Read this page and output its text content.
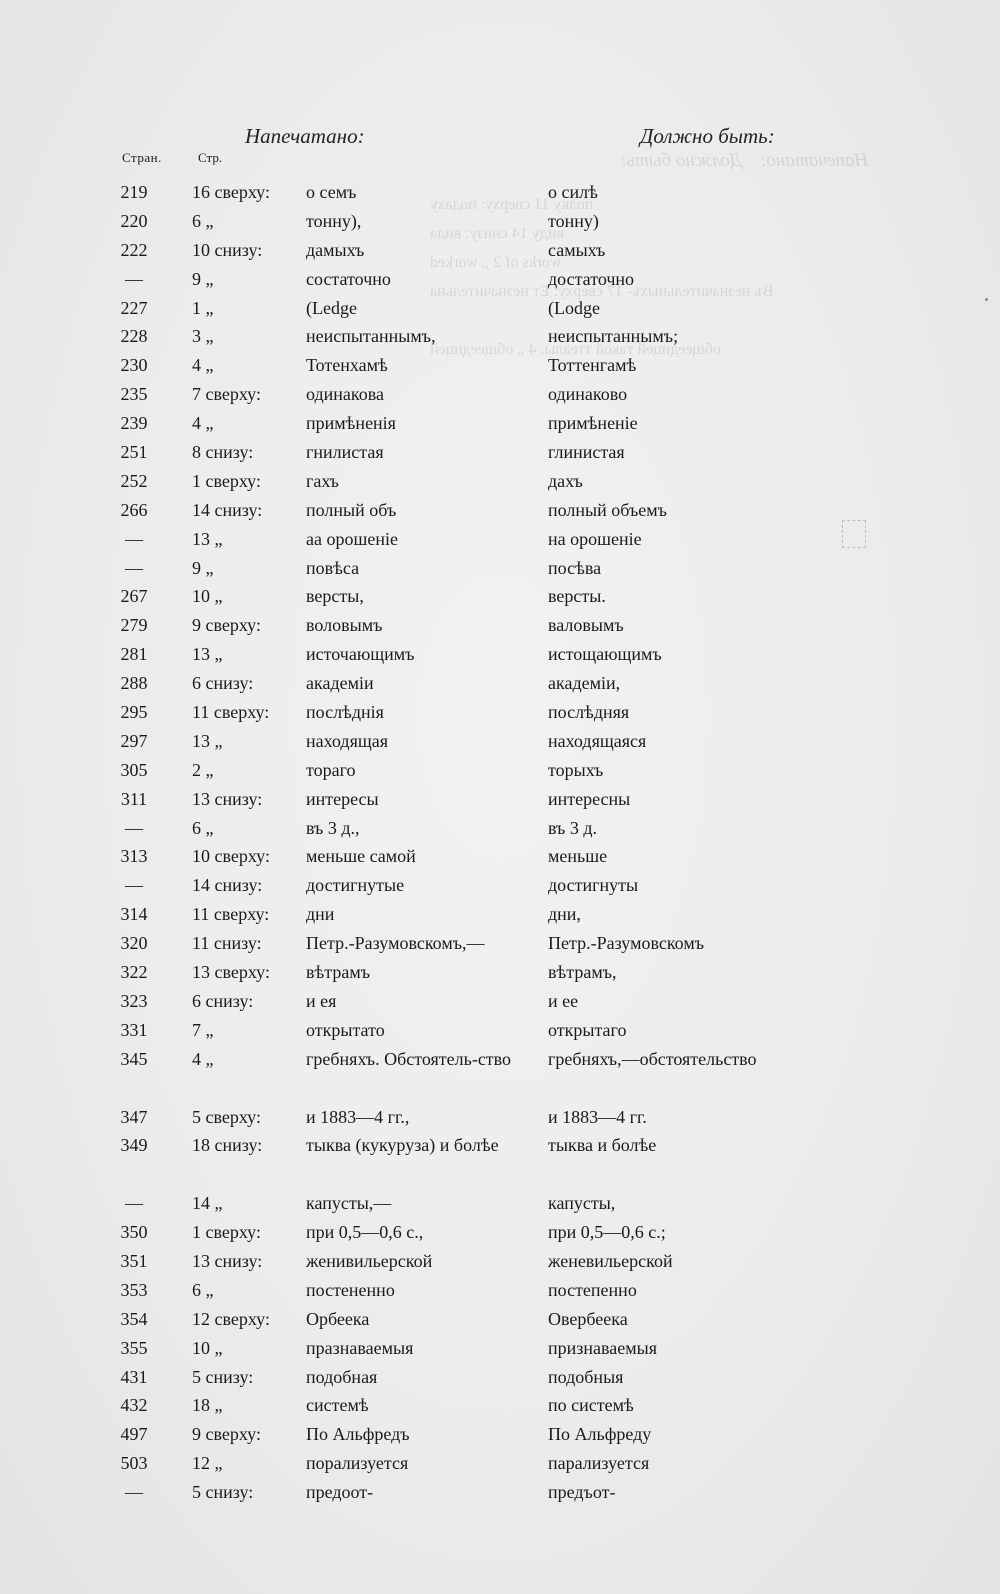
Должно быть: Напечатано:
полку 11 сверху: подаху
виду 14 снизу: вида
works of 2 „ worked
Въ незначительныхъ- 17 сверху: Ет незначительна
общеедицей такой ттеалы. 4 „ общеедицей
Напечатано:	Должно быть:
Стран.	Стр.
219	16 сверху:	о семъ	о силѣ
220	6 „	тонну),	тонну)
222	10 снизу:	дамыхъ	самыхъ
—	9 „	состаточно	достаточно
227	1 „	(Ledge	(Lodge
228	3 „	неиспытаннымъ,	неиспытаннымъ;
230	4 „	Тотенхамѣ	Тоттенгамѣ
235	7 сверху:	одинакова	одинаково
239	4 „	примѣненія	примѣненіе
251	8 снизу:	гнилистая	глинистая
252	1 сверху:	гахъ	дахъ
266	14 снизу:	полный объ	полный объемъ
—	13 „	аа орошеніе	на орошеніе
—	9 „	повѣса	посѣва
267	10 „	версты,	версты.
279	9 сверху:	воловымъ	валовымъ
281	13 „	источающимъ	истощающимъ
288	6 снизу:	академіи	академіи,
295	11 сверху:	послѣднія	послѣдняя
297	13 „	находящая	находящаяся
305	2 „	тораго	торыхъ
311	13 снизу:	интересы	интересны
—	6 „	въ 3 д.,	въ 3 д.
313	10 сверху:	меньше самой	меньше
—	14 снизу:	достигнутые	достигнуты
314	11 сверху:	дни	дни,
320	11 снизу:	Петр.-Разумовскомъ,—	Петр.-Разумовскомъ
322	13 сверху:	вѣтрамъ	вѣтрамъ,
323	6 снизу:	и ея	и ее
331	7 „	открытато	открытаго
345	4 „	гребняхъ. Обстоятель-ство	гребняхъ,—обстоятельство
347	5 сверху:	и 1883—4 гг.,	и 1883—4 гг.
349	18 снизу:	тыква (кукуруза) и болѣе	тыква и болѣе
—	14 „	капусты,—	капусты,
350	1 сверху:	при 0,5—0,6 с.,	при 0,5—0,6 с.;
351	13 снизу:	женивильерской	женевильерской
353	6 „	постененно	постепенно
354	12 сверху:	Орбеека	Овербеека
355	10 „	празнаваемыя	признаваемыя
431	5 снизу:	подобная	подобныя
432	18 „	системѣ	по системѣ
497	9 сверху:	По Альфредъ	По Альфреду
503	12 „	порализуется	парализуется
—	5 снизу:	предоот-	предъот-
